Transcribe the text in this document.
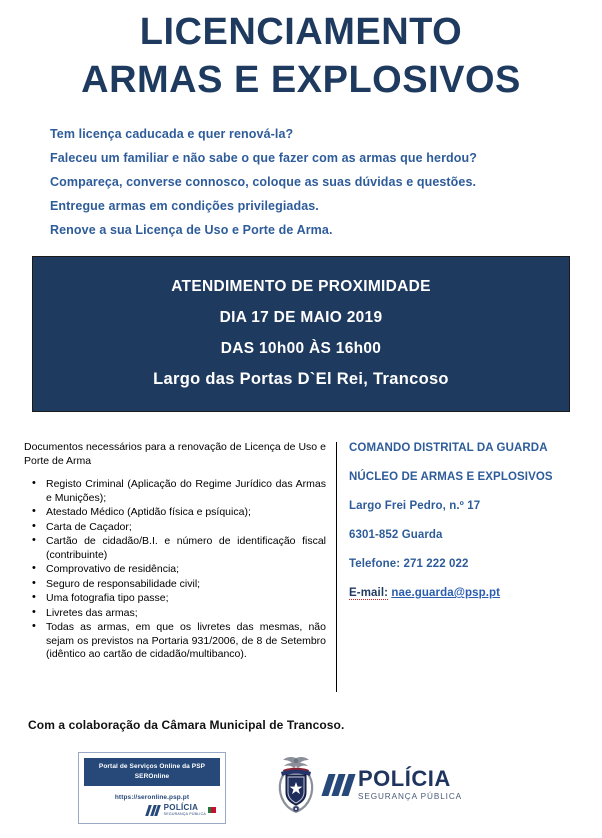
LICENCIAMENTO
ARMAS E EXPLOSIVOS
Tem licença caducada e quer renová-la?
Faleceu um familiar e não sabe o que fazer com as armas que herdou?
Compareça, converse connosco, coloque as suas dúvidas e questões.
Entregue armas em condições privilegiadas.
Renove a sua Licença de Uso e Porte de Arma.
ATENDIMENTO DE PROXIMIDADE
DIA 17 DE MAIO 2019
DAS 10h00 ÀS 16h00
Largo das Portas D`El Rei, Trancoso
Documentos necessários para a renovação de Licença de Uso e Porte de Arma
• Registo Criminal (Aplicação do Regime Jurídico das Armas e Munições);
• Atestado Médico (Aptidão física e psíquica);
• Carta de Caçador;
• Cartão de cidadão/B.I. e número de identificação fiscal (contribuinte)
• Comprovativo de residência;
• Seguro de responsabilidade civil;
• Uma fotografia tipo passe;
• Livretes das armas;
• Todas as armas, em que os livretes das mesmas, não sejam os previstos na Portaria 931/2006, de 8 de Setembro (idêntico ao cartão de cidadão/multibanco).
COMANDO DISTRITAL DA GUARDA
NÚCLEO DE ARMAS E EXPLOSIVOS
Largo Frei Pedro, n.º 17
6301-852 Guarda
Telefone: 271 222 022
E-mail: nae.guarda@psp.pt
Com a colaboração da Câmara Municipal de Trancoso.
Portal de Serviços Online da PSP
SEROnline
https://seronline.psp.pt
POLÍCIA
SEGURANÇA PÚBLICA
POLÍCIA
SEGURANÇA PÚBLICA
